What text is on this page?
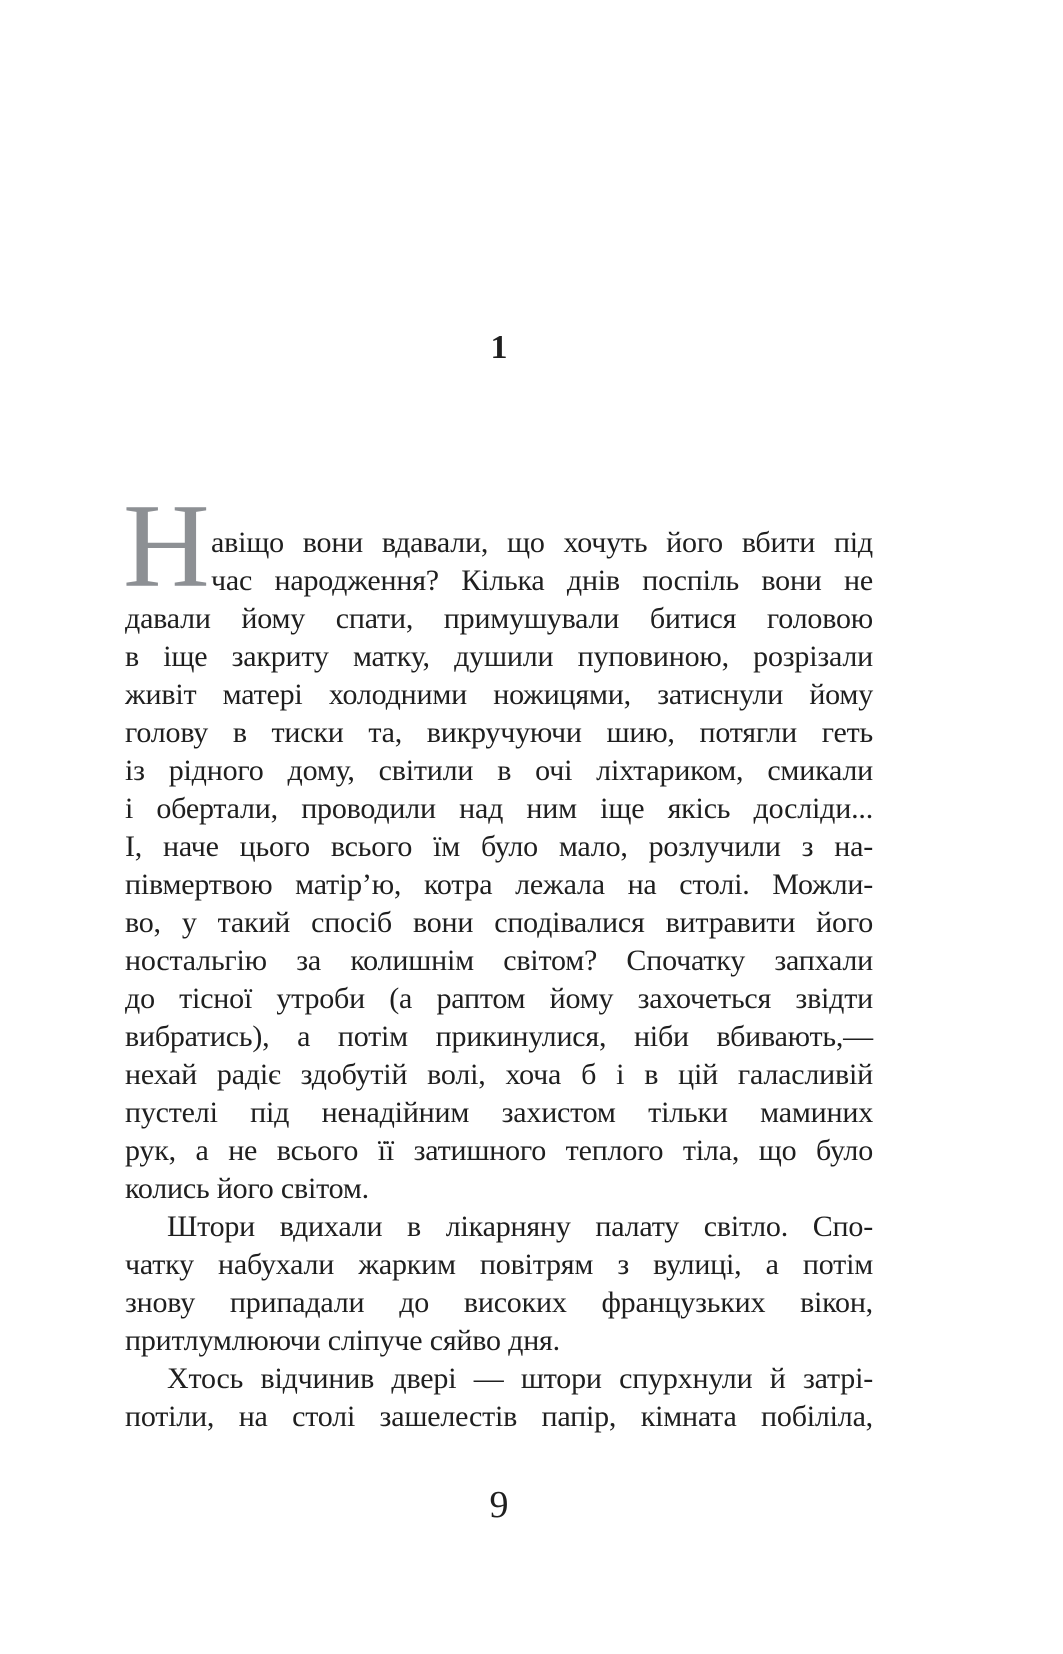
1
Н авіщо вони вдавали, що хочуть його вбити під
час народження? Кілька днів поспіль вони не
давали йому спати, примушували битися головою
в іще закриту матку, душили пуповиною, розрізали
живіт матері холодними ножицями, затиснули йому
голову в тиски та, викручуючи шию, потягли геть
із рідного дому, світили в очі ліхтариком, смикали
і обертали, проводили над ним іще якісь досліди...
І, наче цього всього їм було мало, розлучили з на-
півмертвою матір’ю, котра лежала на столі. Можли-
во, у такий спосіб вони сподівалися витравити його
ностальгію за колишнім світом? Спочатку запхали
до тісної утроби (а раптом йому захочеться звідти
вибратись), а потім прикинулися, ніби вбивають,—
нехай радіє здобутій волі, хоча б і в цій галасливій
пустелі під ненадійним захистом тільки маминих
рук, а не всього її затишного теплого тіла, що було
колись його світом.
Штори вдихали в лікарняну палату світло. Спо-
чатку набухали жарким повітрям з вулиці, а потім
знову припадали до високих французьких вікон,
притлумлюючи сліпуче сяйво дня.
Хтось відчинив двері — штори спурхнули й затрі-
потіли, на столі зашелестів папір, кімната побіліла,
9
